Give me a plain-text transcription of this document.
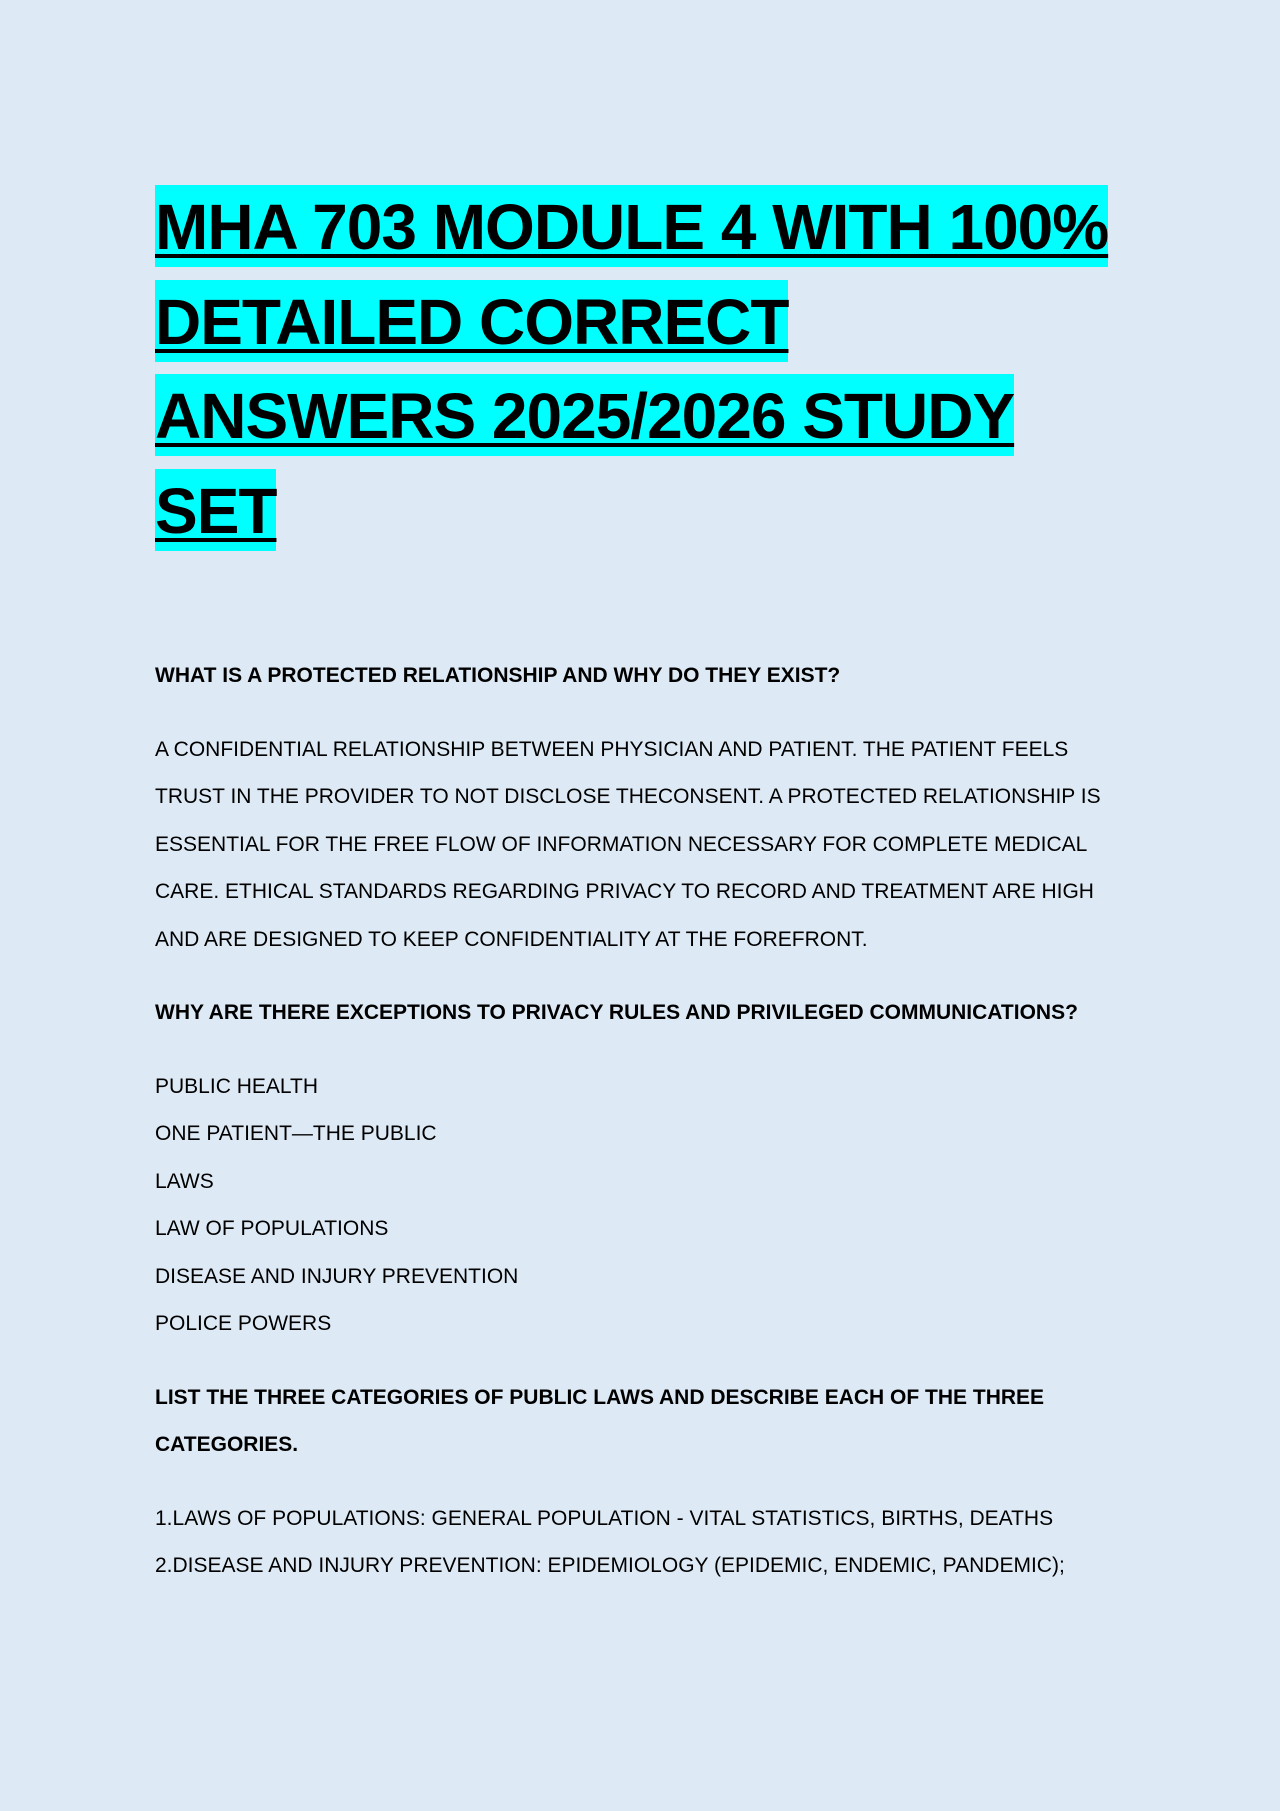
MHA 703 MODULE 4 WITH 100% DETAILED CORRECT ANSWERS 2025/2026 STUDY SET

WHAT IS A PROTECTED RELATIONSHIP AND WHY DO THEY EXIST?

A CONFIDENTIAL RELATIONSHIP BETWEEN PHYSICIAN AND PATIENT. THE PATIENT FEELS TRUST IN THE PROVIDER TO NOT DISCLOSE THECONSENT. A PROTECTED RELATIONSHIP IS ESSENTIAL FOR THE FREE FLOW OF INFORMATION NECESSARY FOR COMPLETE MEDICAL CARE. ETHICAL STANDARDS REGARDING PRIVACY TO RECORD AND TREATMENT ARE HIGH AND ARE DESIGNED TO KEEP CONFIDENTIALITY AT THE FOREFRONT.

WHY ARE THERE EXCEPTIONS TO PRIVACY RULES AND PRIVILEGED COMMUNICATIONS?

PUBLIC HEALTH
ONE PATIENT—THE PUBLIC
LAWS
LAW OF POPULATIONS
DISEASE AND INJURY PREVENTION
POLICE POWERS

LIST THE THREE CATEGORIES OF PUBLIC LAWS AND DESCRIBE EACH OF THE THREE CATEGORIES.

1.LAWS OF POPULATIONS: GENERAL POPULATION - VITAL STATISTICS, BIRTHS, DEATHS
2.DISEASE AND INJURY PREVENTION: EPIDEMIOLOGY (EPIDEMIC, ENDEMIC, PANDEMIC);
